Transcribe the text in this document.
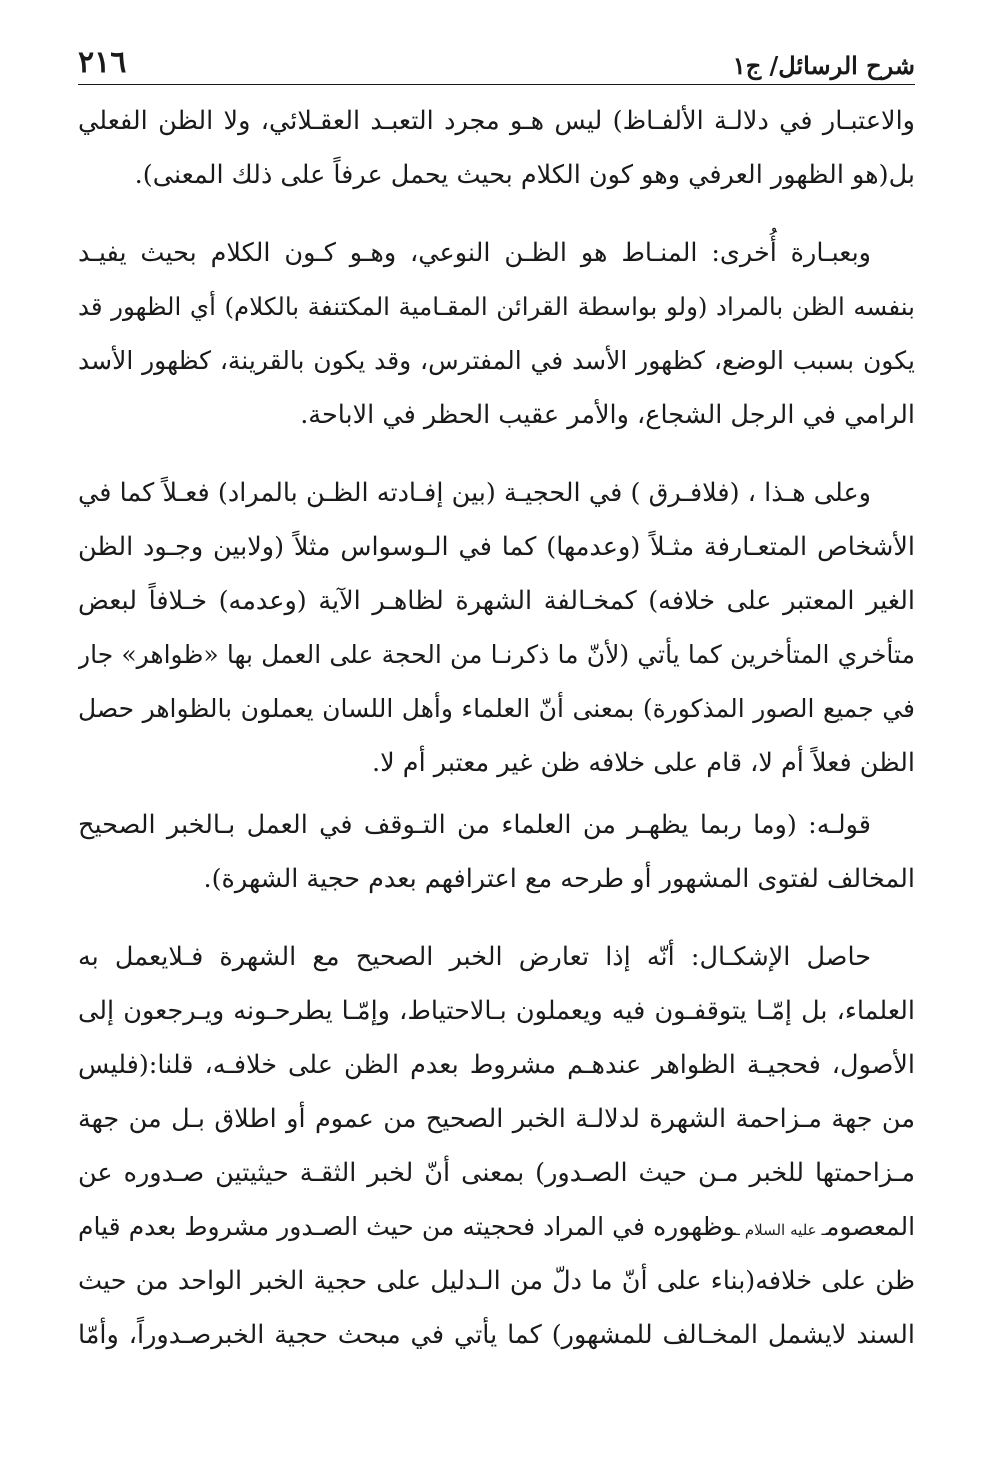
شرح الرسائل/ ج١
٢١٦
والاعتبـار في دلالـة الألفـاظ) ليس هـو مجرد التعبـد العقـلائي، ولا الظن الفعلي
بل(هو الظهور العرفي وهو كون الكلام بحيث يحمل عرفاً على ذلك المعنى).
وبعبـارة أُخرى: المنـاط هو الظـن النوعي، وهـو كـون الكلام بحيث يفيـد
بنفسه الظن بالمراد (ولو بواسطة القرائن المقـامية المكتنفة بالكلام) أي الظهور قد
يكون بسبب الوضع، كظهور الأسد في المفترس، وقد يكون بالقرينة، كظهور الأسد
الرامي في الرجل الشجاع، والأمر عقيب الحظر في الاباحة.
وعلى هـذا ، (فلافـرق ) في الحجيـة (بين إفـادته الظـن بالمراد) فعـلاً كما في
الأشخاص المتعـارفة مثـلاً (وعدمها) كما في الـوسواس مثلاً (ولابين وجـود الظن
الغير المعتبر على خلافه) كمخـالفة الشهرة لظاهـر الآية (وعدمه) خـلافاً لبعض
متأخري المتأخرين كما يأتي (لأنّ ما ذكرنـا من الحجة على العمل بها «ظواهر» جار
في جميع الصور المذكورة) بمعنى أنّ العلماء وأهل اللسان يعملون بالظواهر حصل
الظن فعلاً أم لا، قام على خلافه ظن غير معتبر أم لا.
قولـه: (وما ربما يظهـر من العلماء من التـوقف في العمل بـالخبر الصحيح
المخالف لفتوى المشهور أو طرحه مع اعترافهم بعدم حجية الشهرة).
حاصل الإشكـال: أنّه إذا تعارض الخبر الصحيح مع الشهرة فـلايعمل به
العلماء، بل إمّـا يتوقفـون فيه ويعملون بـالاحتياط، وإمّـا يطرحـونه ويـرجعون إلى
الأصول، فحجيـة الظواهر عندهـم مشروط بعدم الظن على خلافـه، قلنا:(فليس
من جهة مـزاحمة الشهرة لدلالـة الخبر الصحيح من عموم أو اطلاق بـل من جهة
مـزاحمتها للخبر مـن حيث الصـدور) بمعنى أنّ لخبر الثقـة حيثيتين صـدوره عن
المعصومـ عليه السلام ـوظهوره في المراد فحجيته من حيث الصـدور مشروط بعدم قيام
ظن على خلافه(بناء على أنّ ما دلّ من الـدليل على حجية الخبر الواحد من حيث
السند لايشمل المخـالف للمشهور) كما يأتي في مبحث حجية الخبرصـدوراً، وأمّا
